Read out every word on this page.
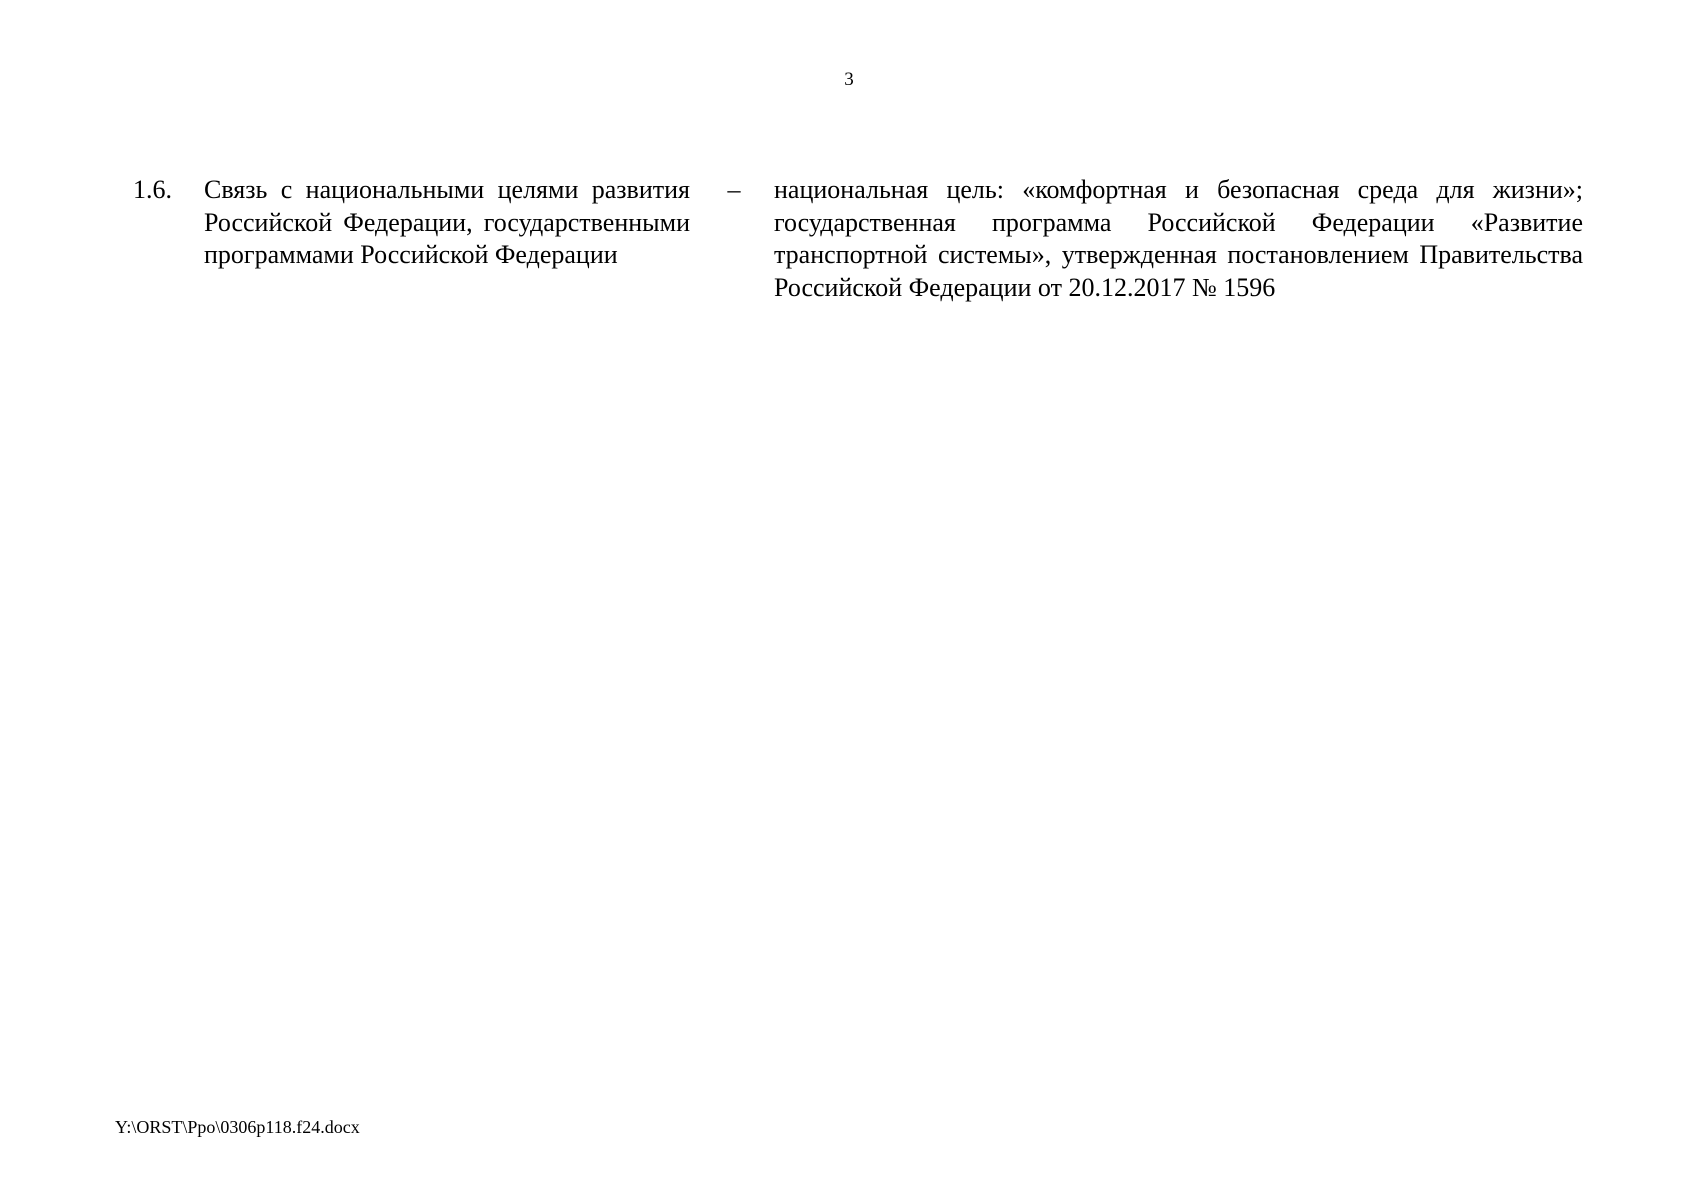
3
1.6.	Связь с национальными целями развития Российской Федерации, государственными программами Российской Федерации
–	национальная цель: «комфортная и безопасная среда для жизни»; государственная программа Российской Федерации «Развитие транспортной системы», утвержденная постановлением Правительства Российской Федерации от 20.12.2017 № 1596
Y:\ORST\Ppo\0306p118.f24.docx
